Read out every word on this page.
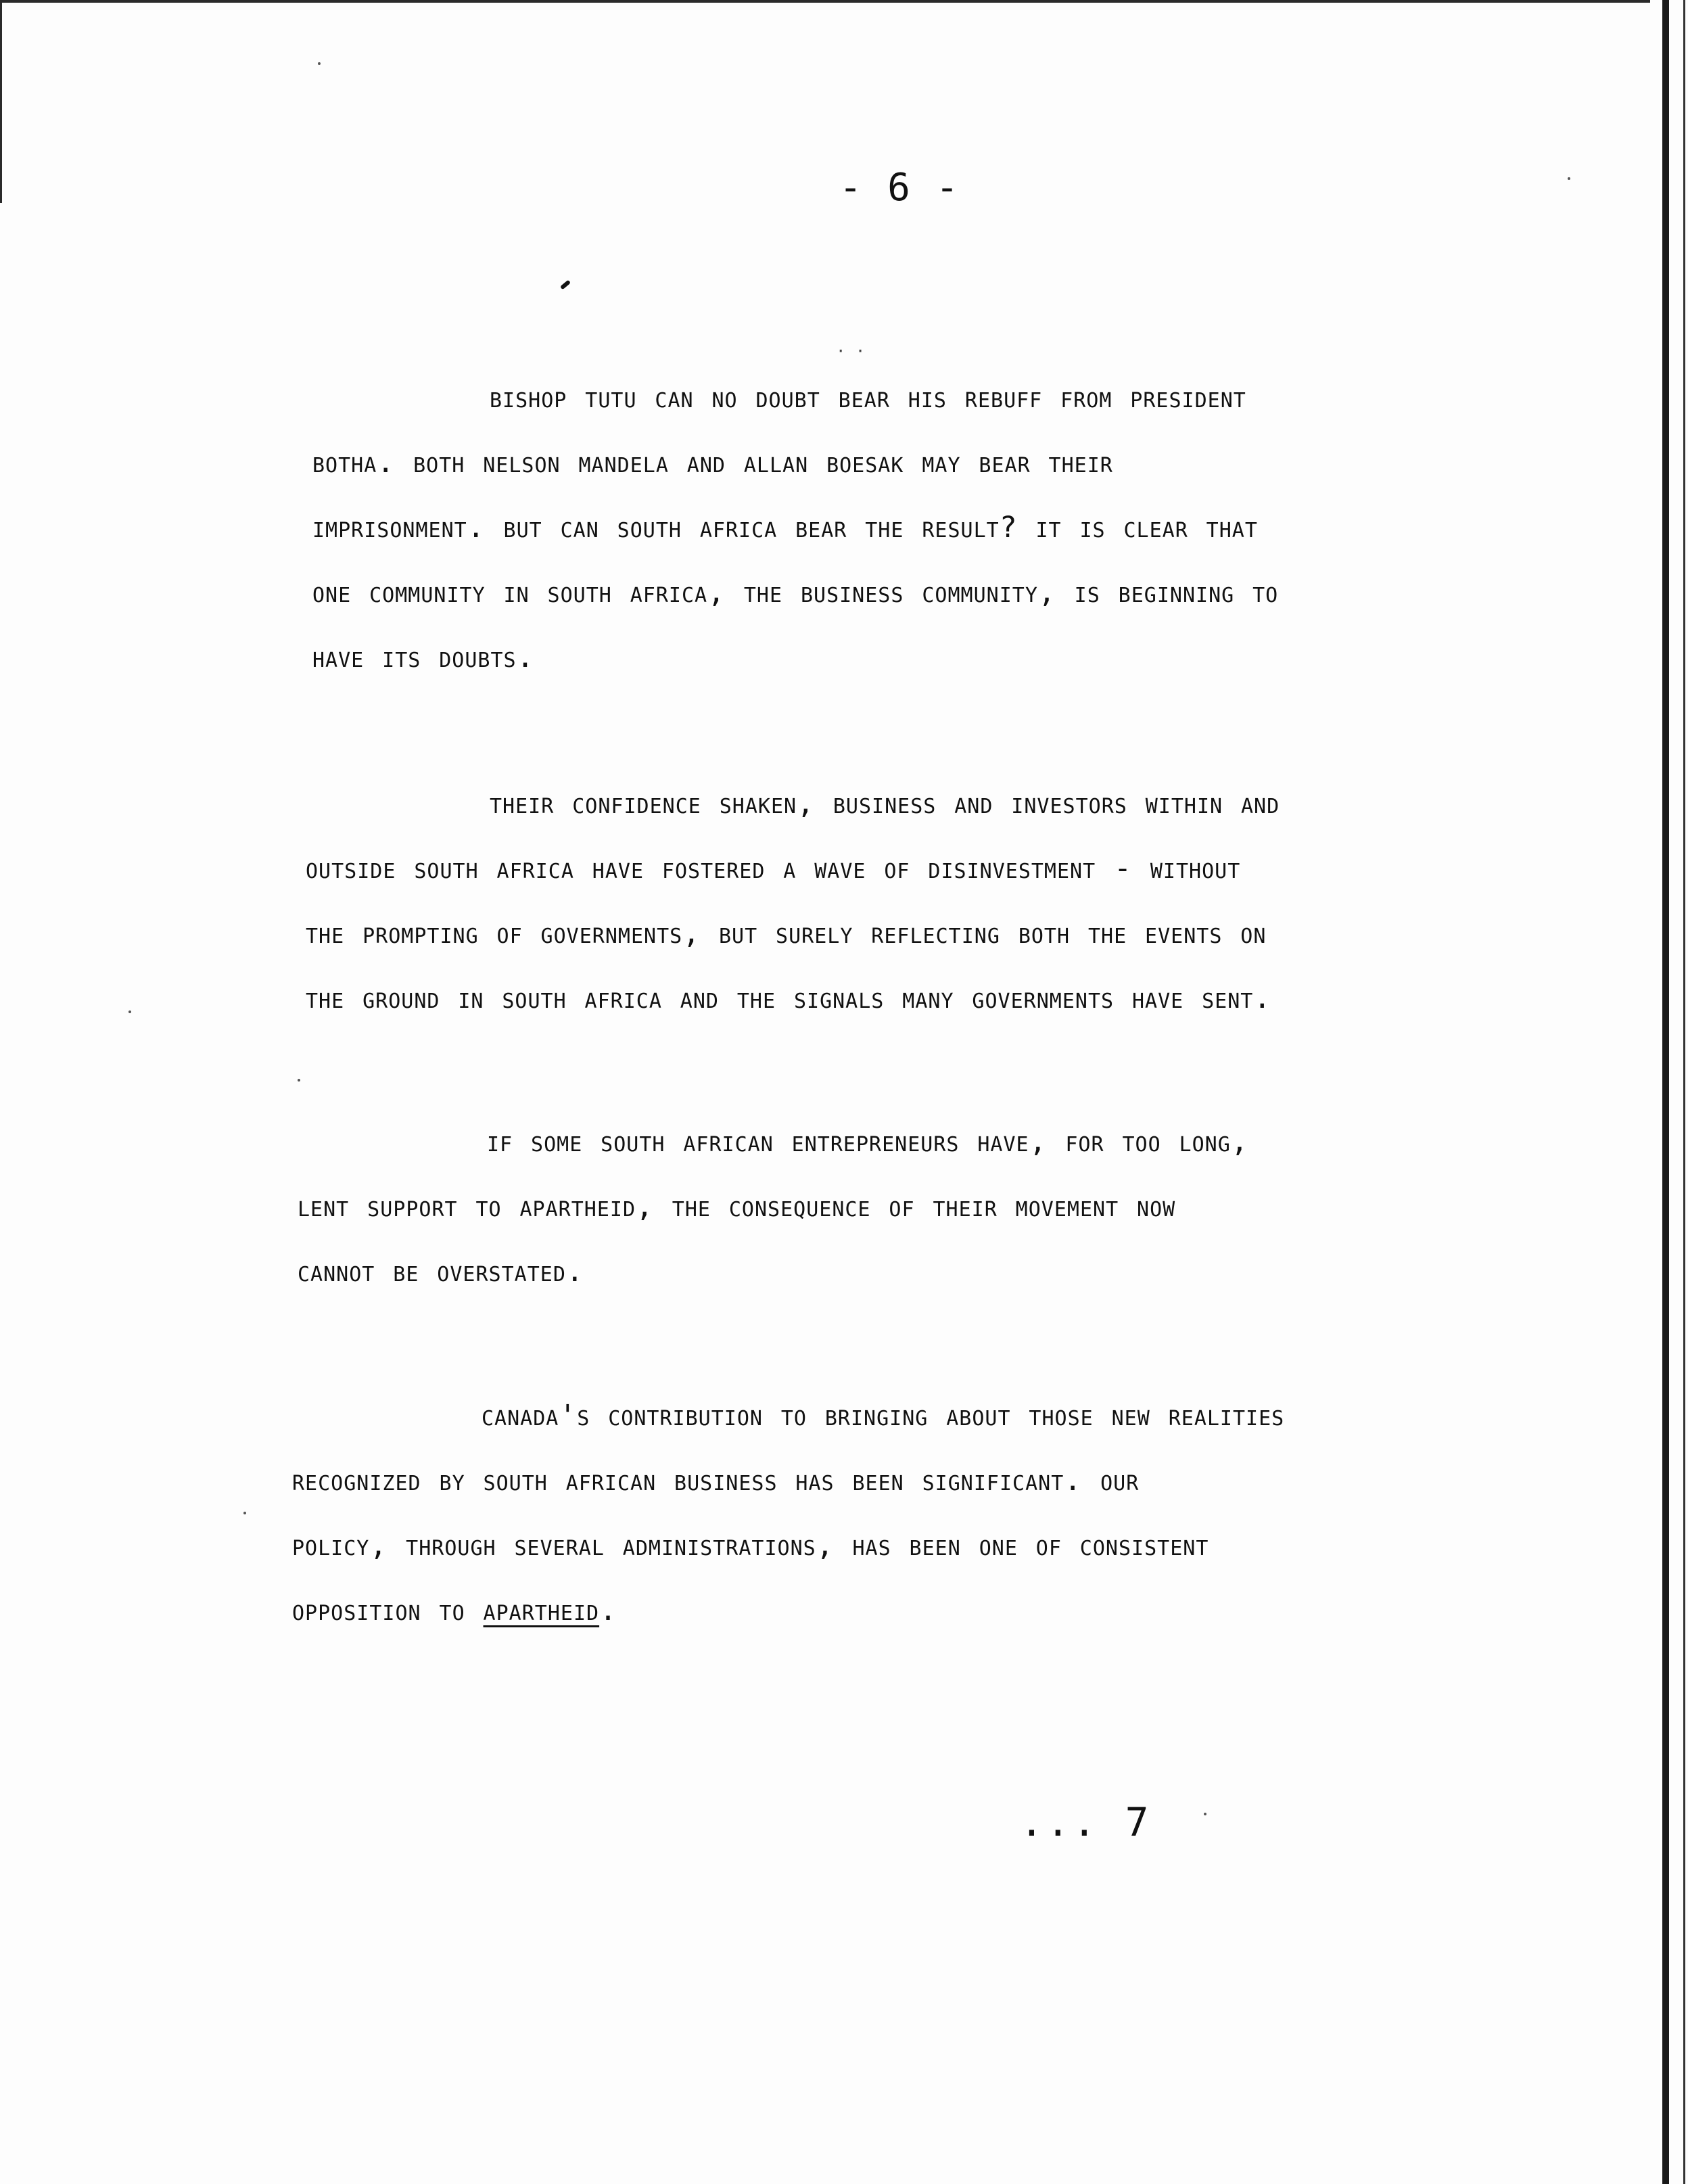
- 6 -
· ·
bishop tutu can no doubt bear his rebuff from president
botha. both nelson mandela and allan boesak may bear their
imprisonment. but can south africa bear the result? it is clear that
one community in south africa, the business community, is beginning to
have its doubts.
their confidence shaken, business and investors within and
outside south africa have fostered a wave of disinvestment - without
the prompting of governments, but surely reflecting both the events on
the ground in south africa and the signals many governments have sent.
if some south african entrepreneurs have, for too long,
lent support to apartheid, the consequence of their movement now
cannot be overstated.
canada's contribution to bringing about those new realities
recognized by south african business has been significant. our
policy, through several administrations, has been one of consistent
opposition to apartheid.
... 7
